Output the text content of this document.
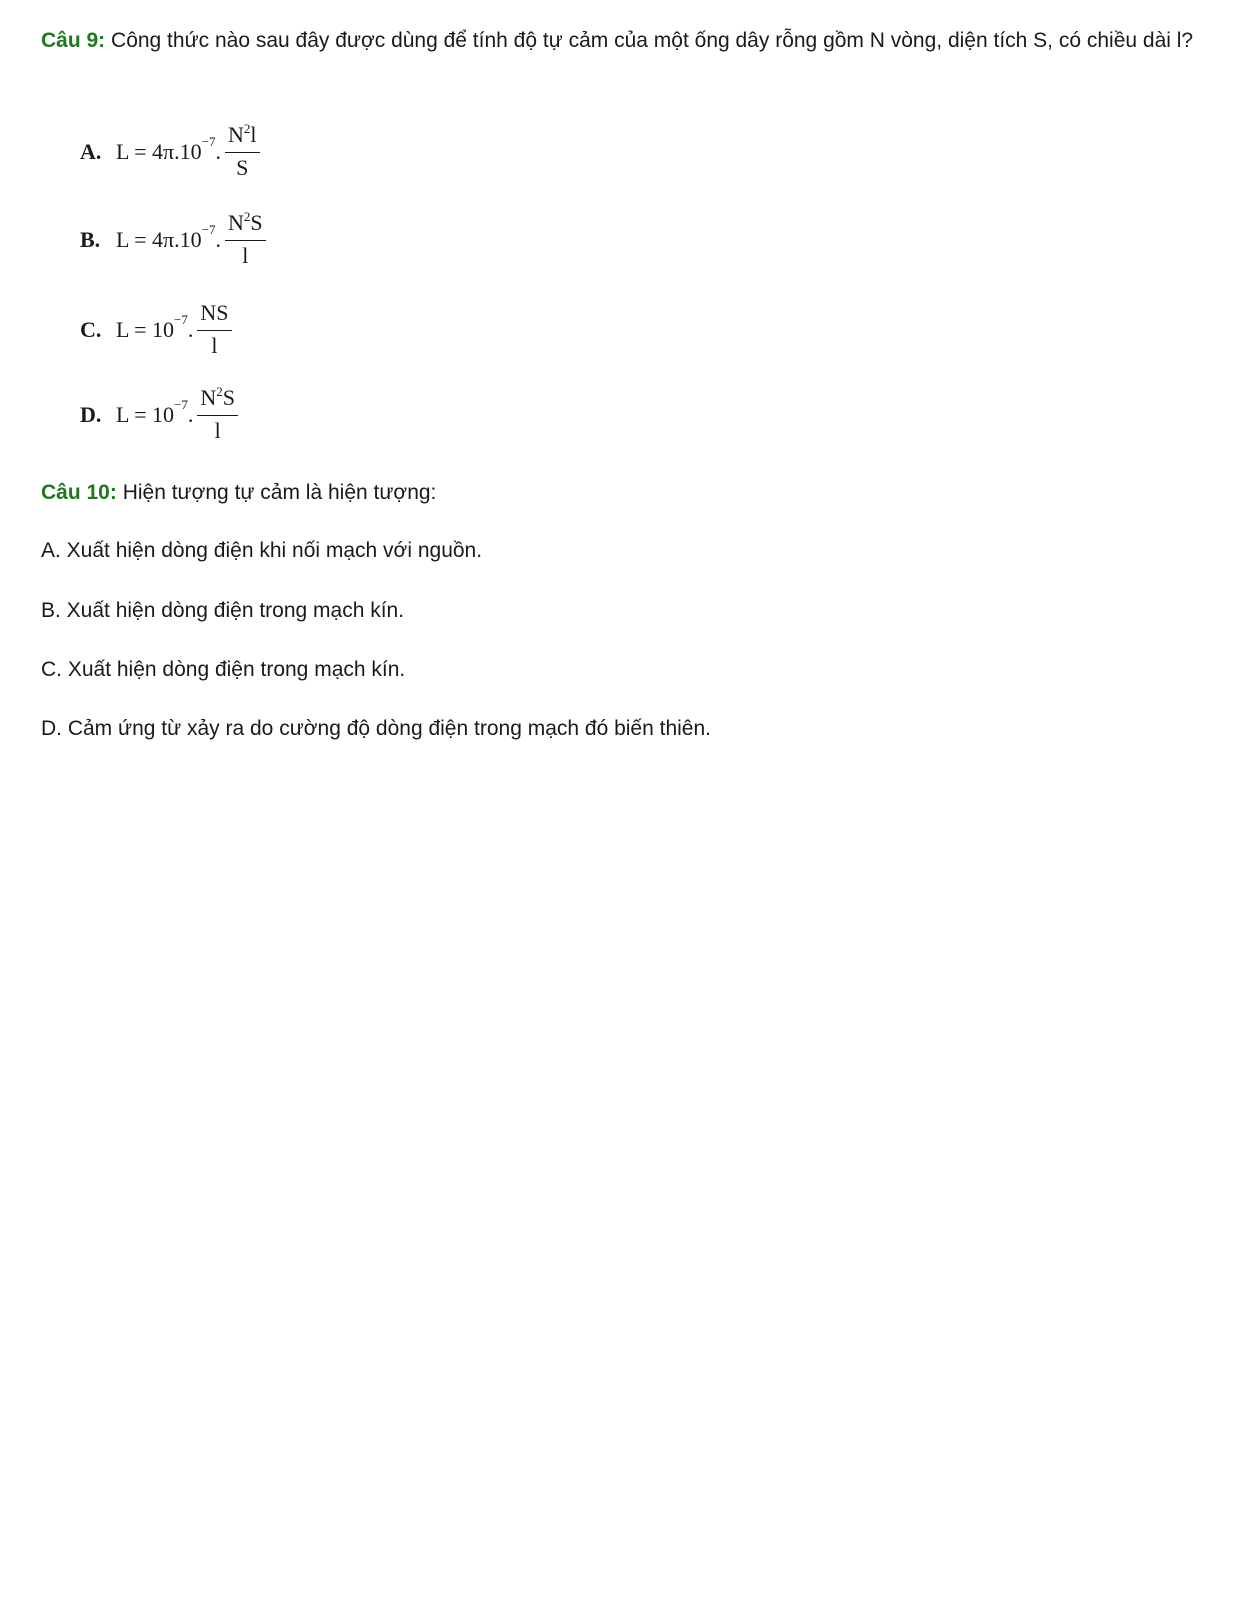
Câu 9: Công thức nào sau đây được dùng để tính độ tự cảm của một ống dây rỗng gồm N vòng, diện tích S, có chiều dài l?
A. L = 4π.10 −7 . $\frac{N^2l}{S}$
B. L = 4π.10 −7 . $\frac{N^2S}{l}$
C. L = 10 −7 . $\frac{NS}{l}$
D. L = 10 −7 . $\frac{N^2S}{l}$
Câu 10: Hiện tượng tự cảm là hiện tượng:
A. Xuất hiện dòng điện khi nối mạch với nguồn.
B. Xuất hiện dòng điện trong mạch kín.
C. Xuất hiện dòng điện trong mạch kín.
D. Cảm ứng từ xảy ra do cường độ dòng điện trong mạch đó biến thiên.
